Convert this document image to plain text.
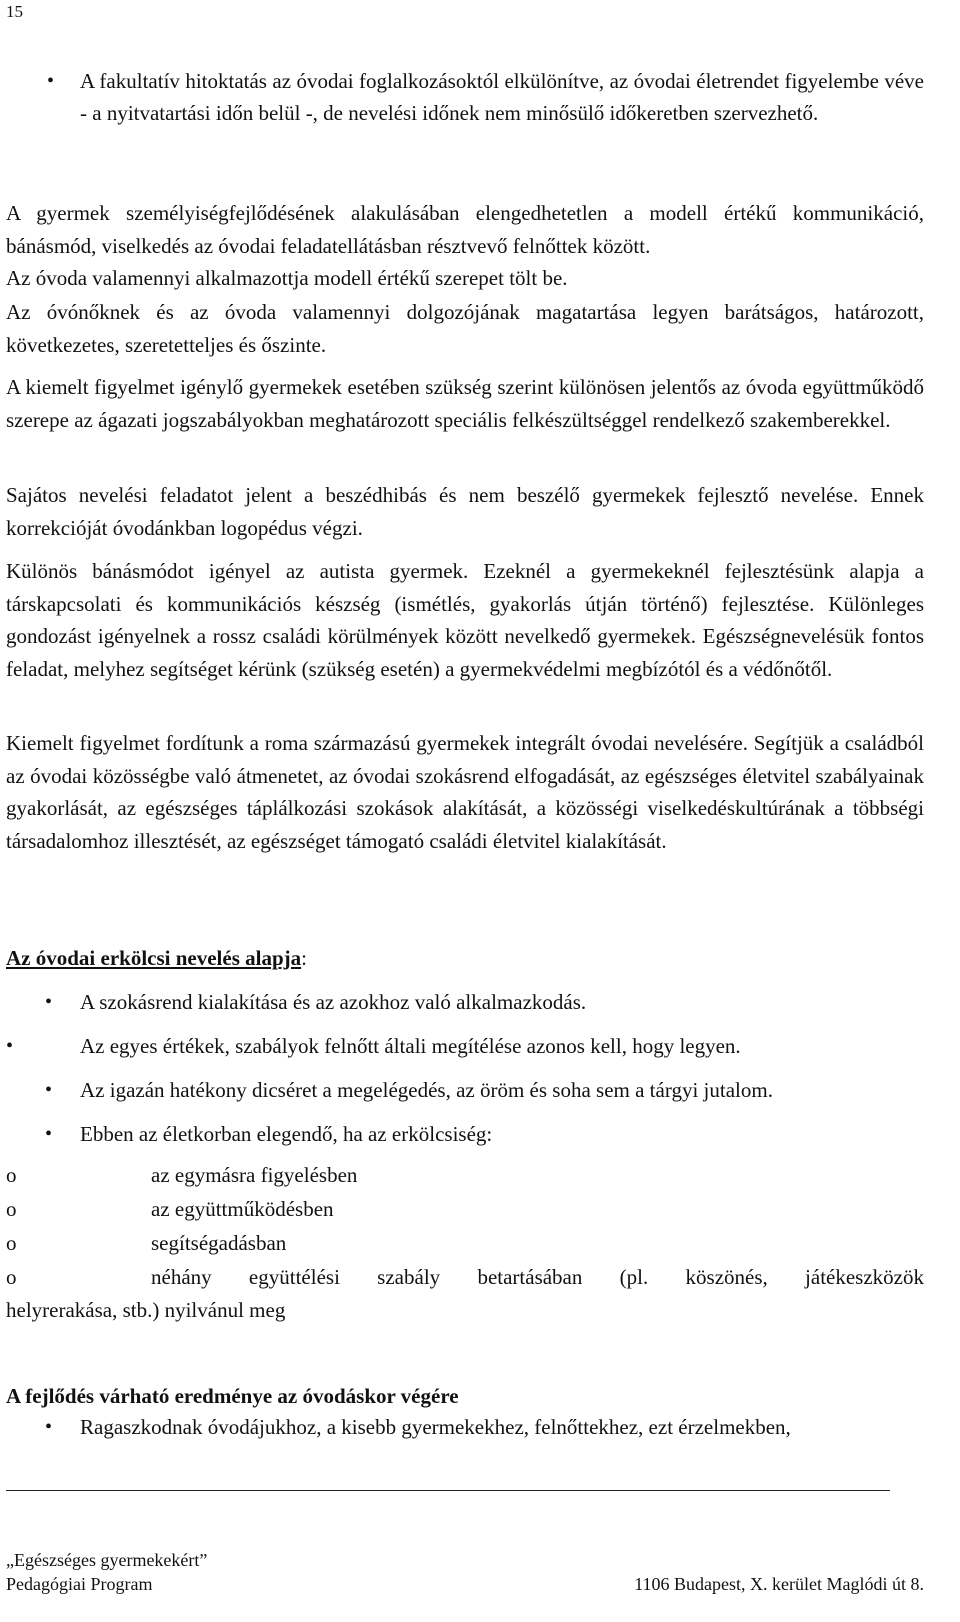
15
• A fakultatív hitoktatás az óvodai foglalkozásoktól elkülönítve, az óvodai életrendet figyelembe véve - a nyitvatartási időn belül -, de nevelési időnek nem minősülő időkeretben szervezhető.
A gyermek személyiségfejlődésének alakulásában elengedhetetlen a modell értékű kommunikáció, bánásmód, viselkedés az óvodai feladatellátásban résztvevő felnőttek között.
Az óvoda valamennyi alkalmazottja modell értékű szerepet tölt be.
Az óvónőknek és az óvoda valamennyi dolgozójának magatartása legyen barátságos, határozott, következetes, szeretetteljes és őszinte.
A kiemelt figyelmet igénylő gyermekek esetében szükség szerint különösen jelentős az óvoda együttműködő szerepe az ágazati jogszabályokban meghatározott speciális felkészültséggel rendelkező szakemberekkel.
Sajátos nevelési feladatot jelent a beszédhibás és nem beszélő gyermekek fejlesztő nevelése. Ennek korrekcióját óvodánkban logopédus végzi.
Különös bánásmódot igényel az autista gyermek. Ezeknél a gyermekeknél fejlesztésünk alapja a társkapcsolati és kommunikációs készség (ismétlés, gyakorlás útján történő) fejlesztése. Különleges gondozást igényelnek a rossz családi körülmények között nevelkedő gyermekek. Egészségnevelésük fontos feladat, melyhez segítséget kérünk (szükség esetén) a gyermekvédelmi megbízótól és a védőnőtől.
Kiemelt figyelmet fordítunk a roma származású gyermekek integrált óvodai nevelésére. Segítjük a családból az óvodai közösségbe való átmenetet, az óvodai szokásrend elfogadását, az egészséges életvitel szabályainak gyakorlását, az egészséges táplálkozási szokások alakítását, a közösségi viselkedéskultúrának a többségi társadalomhoz illesztését, az egészséget támogató családi életvitel kialakítását.
Az óvodai erkölcsi nevelés alapja:
• A szokásrend kialakítása és az azokhoz való alkalmazkodás.
•	Az egyes értékek, szabályok felnőtt általi megítélése azonos kell, hogy legyen.
• Az igazán hatékony dicséret a megelégedés, az öröm és soha sem a tárgyi jutalom.
• Ebben az életkorban elegendő, ha az erkölcsiség:
o	az egymásra figyelésben
o	az együttműködésben
o	segítségadásban
o	néhány együttélési szabály betartásában (pl. köszönés, játékeszközök
helyrerakása, stb.) nyilvánul meg
A fejlődés várható eredménye az óvodáskor végére
• Ragaszkodnak óvodájukhoz, a kisebb gyermekekhez, felnőttekhez, ezt érzelmekben,
„Egészséges gyermekekért”
Pedagógiai Program	1106 Budapest, X. kerület Maglódi út 8.
